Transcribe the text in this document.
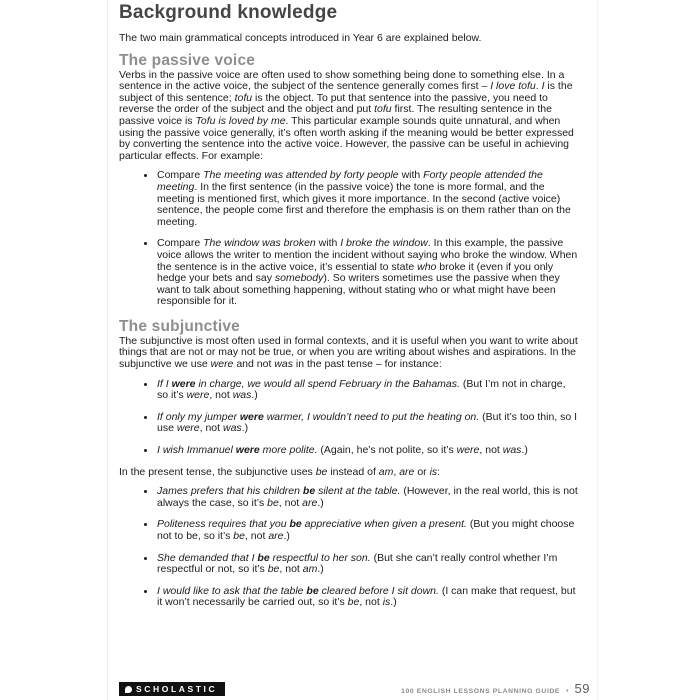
Background knowledge

The two main grammatical concepts introduced in Year 6 are explained below.

The passive voice

Verbs in the passive voice are often used to show something being done to something else. In a sentence in the active voice, the subject of the sentence generally comes first – I love tofu. I is the subject of this sentence; tofu is the object. To put that sentence into the passive, you need to reverse the order of the subject and the object and put tofu first. The resulting sentence in the passive voice is Tofu is loved by me. This particular example sounds quite unnatural, and when using the passive voice generally, it’s often worth asking if the meaning would be better expressed by converting the sentence into the active voice. However, the passive can be useful in achieving particular effects. For example:

• Compare The meeting was attended by forty people with Forty people attended the meeting. In the first sentence (in the passive voice) the tone is more formal, and the meeting is mentioned first, which gives it more importance. In the second (active voice) sentence, the people come first and therefore the emphasis is on them rather than on the meeting.
• Compare The window was broken with I broke the window. In this example, the passive voice allows the writer to mention the incident without saying who broke the window. When the sentence is in the active voice, it’s essential to state who broke it (even if you only hedge your bets and say somebody). So writers sometimes use the passive when they want to talk about something happening, without stating who or what might have been responsible for it.
The subjunctive

The subjunctive is most often used in formal contexts, and it is useful when you want to write about things that are not or may not be true, or when you are writing about wishes and aspirations. In the subjunctive we use were and not was in the past tense – for instance:

• If I were in charge, we would all spend February in the Bahamas. (But I’m not in charge, so it’s were, not was.)
• If only my jumper were warmer, I wouldn’t need to put the heating on. (But it’s too thin, so I use were, not was.)
• I wish Immanuel were more polite. (Again, he’s not polite, so it’s were, not was.)

In the present tense, the subjunctive uses be instead of am, are or is:

• James prefers that his children be silent at the table. (However, in the real world, this is not always the case, so it’s be, not are.)
• Politeness requires that you be appreciative when given a present. (But you might choose not to be, so it’s be, not are.)
• She demanded that I be respectful to her son. (But she can’t really control whether I’m respectful or not, so it’s be, not am.)
• I would like to ask that the table be cleared before I sit down. (I can make that request, but it won’t necessarily be carried out, so it’s be, not is.)
SCHOLASTIC	100 ENGLISH LESSONS PLANNING GUIDE • 59
